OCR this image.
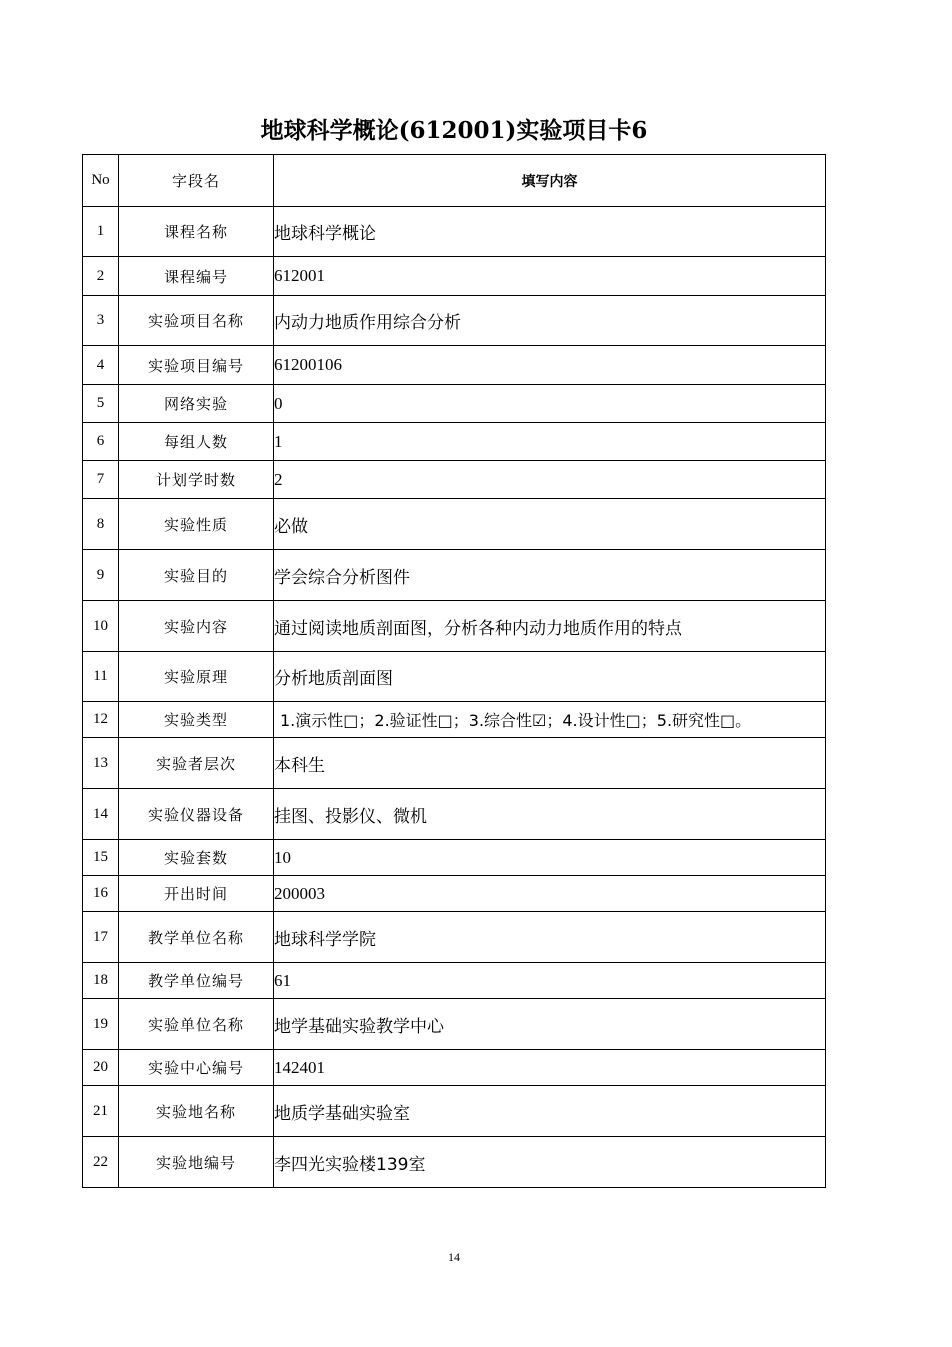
地球科学概论(612001)实验项目卡6
No	字段名	填写内容
1	课程名称	地球科学概论
2	课程编号	612001
3	实验项目名称	内动力地质作用综合分析
4	实验项目编号	61200106
5	网络实验	0
6	每组人数	1
7	计划学时数	2
8	实验性质	必做
9	实验目的	学会综合分析图件
10	实验内容	通过阅读地质剖面图，分析各种内动力地质作用的特点
11	实验原理	分析地质剖面图
12	实验类型	1.演示性□；2.验证性□；3.综合性☑；4.设计性□；5.研究性□。
13	实验者层次	本科生
14	实验仪器设备	挂图、投影仪、微机
15	实验套数	10
16	开出时间	200003
17	教学单位名称	地球科学学院
18	教学单位编号	61
19	实验单位名称	地学基础实验教学中心
20	实验中心编号	142401
21	实验地名称	地质学基础实验室
22	实验地编号	李四光实验楼139室
14
